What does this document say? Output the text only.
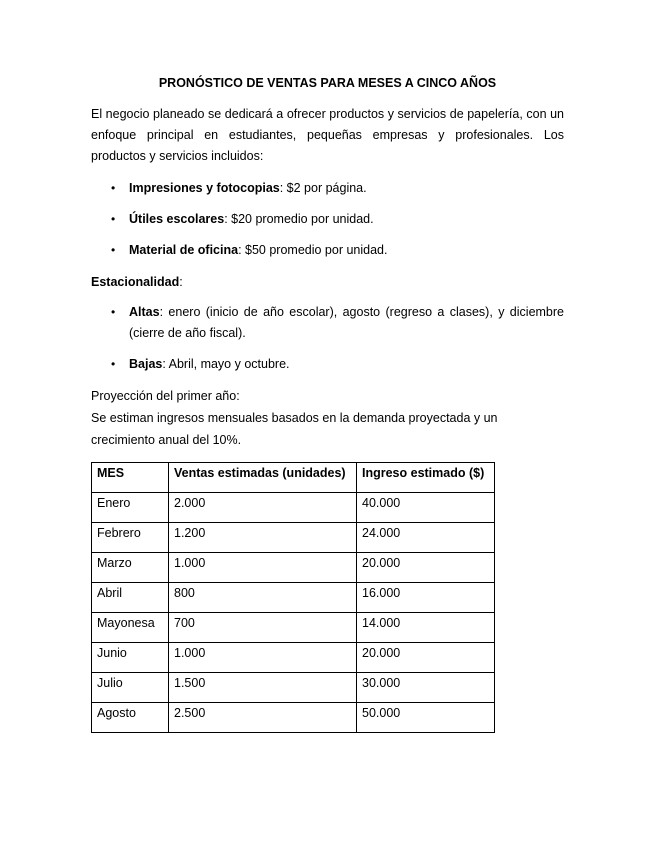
PRONÓSTICO DE VENTAS PARA MESES A CINCO AÑOS

El negocio planeado se dedicará a ofrecer productos y servicios de papelería, con un enfoque principal en estudiantes, pequeñas empresas y profesionales. Los productos y servicios incluidos:

• Impresiones y fotocopias: $2 por página.
• Útiles escolares: $20 promedio por unidad.
• Material de oficina: $50 promedio por unidad.

Estacionalidad:

• Altas: enero (inicio de año escolar), agosto (regreso a clases), y diciembre (cierre de año fiscal).
• Bajas: Abril, mayo y octubre.
Proyección del primer año:
Se estiman ingresos mensuales basados en la demanda proyectada y un crecimiento anual del 10%.
MES	Ventas estimadas (unidades)	Ingreso estimado ($)
Enero	2.000	40.000
Febrero	1.200	24.000
Marzo	1.000	20.000
Abril	800	16.000
Mayonesa	700	14.000
Junio	1.000	20.000
Julio	1.500	30.000
Agosto	2.500	50.000
